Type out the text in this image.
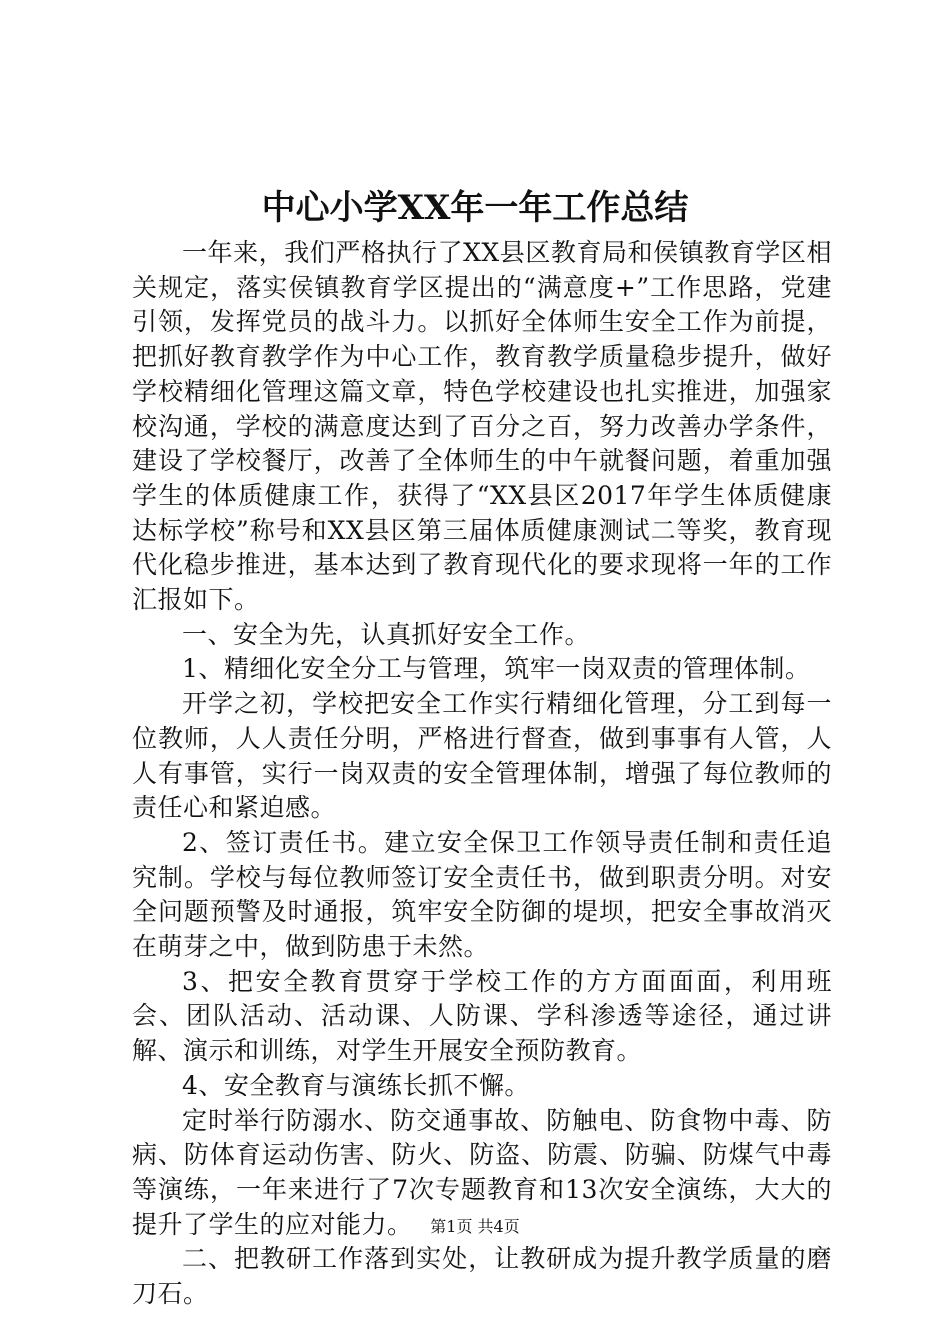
中心小学XX年一年工作总结

一年来，我们严格执行了XX县区教育局和侯镇教育学区相关规定，落实侯镇教育学区提出的“满意度+”工作思路，党建引领，发挥党员的战斗力。以抓好全体师生安全工作为前提，把抓好教育教学作为中心工作，教育教学质量稳步提升，做好学校精细化管理这篇文章，特色学校建设也扎实推进，加强家校沟通，学校的满意度达到了百分之百，努力改善办学条件，建设了学校餐厅，改善了全体师生的中午就餐问题，着重加强学生的体质健康工作，获得了“XX县区2017年学生体质健康达标学校”称号和XX县区第三届体质健康测试二等奖，教育现代化稳步推进，基本达到了教育现代化的要求现将一年的工作汇报如下。

一、安全为先，认真抓好安全工作。

1、精细化安全分工与管理，筑牢一岗双责的管理体制。

开学之初，学校把安全工作实行精细化管理，分工到每一位教师，人人责任分明，严格进行督查，做到事事有人管，人人有事管，实行一岗双责的安全管理体制，增强了每位教师的责任心和紧迫感。

2、签订责任书。建立安全保卫工作领导责任制和责任追究制。学校与每位教师签订安全责任书，做到职责分明。对安全问题预警及时通报，筑牢安全防御的堤坝，把安全事故消灭在萌芽之中，做到防患于未然。

3、把安全教育贯穿于学校工作的方方面面面，利用班会、团队活动、活动课、人防课、学科渗透等途径，通过讲解、演示和训练，对学生开展安全预防教育。

4、安全教育与演练长抓不懈。

定时举行防溺水、防交通事故、防触电、防食物中毒、防病、防体育运动伤害、防火、防盗、防震、防骗、防煤气中毒等演练，一年来进行了7次专题教育和13次安全演练，大大的提升了学生的应对能力。

二、把教研工作落到实处，让教研成为提升教学质量的磨刀石。

第1页 共4页
